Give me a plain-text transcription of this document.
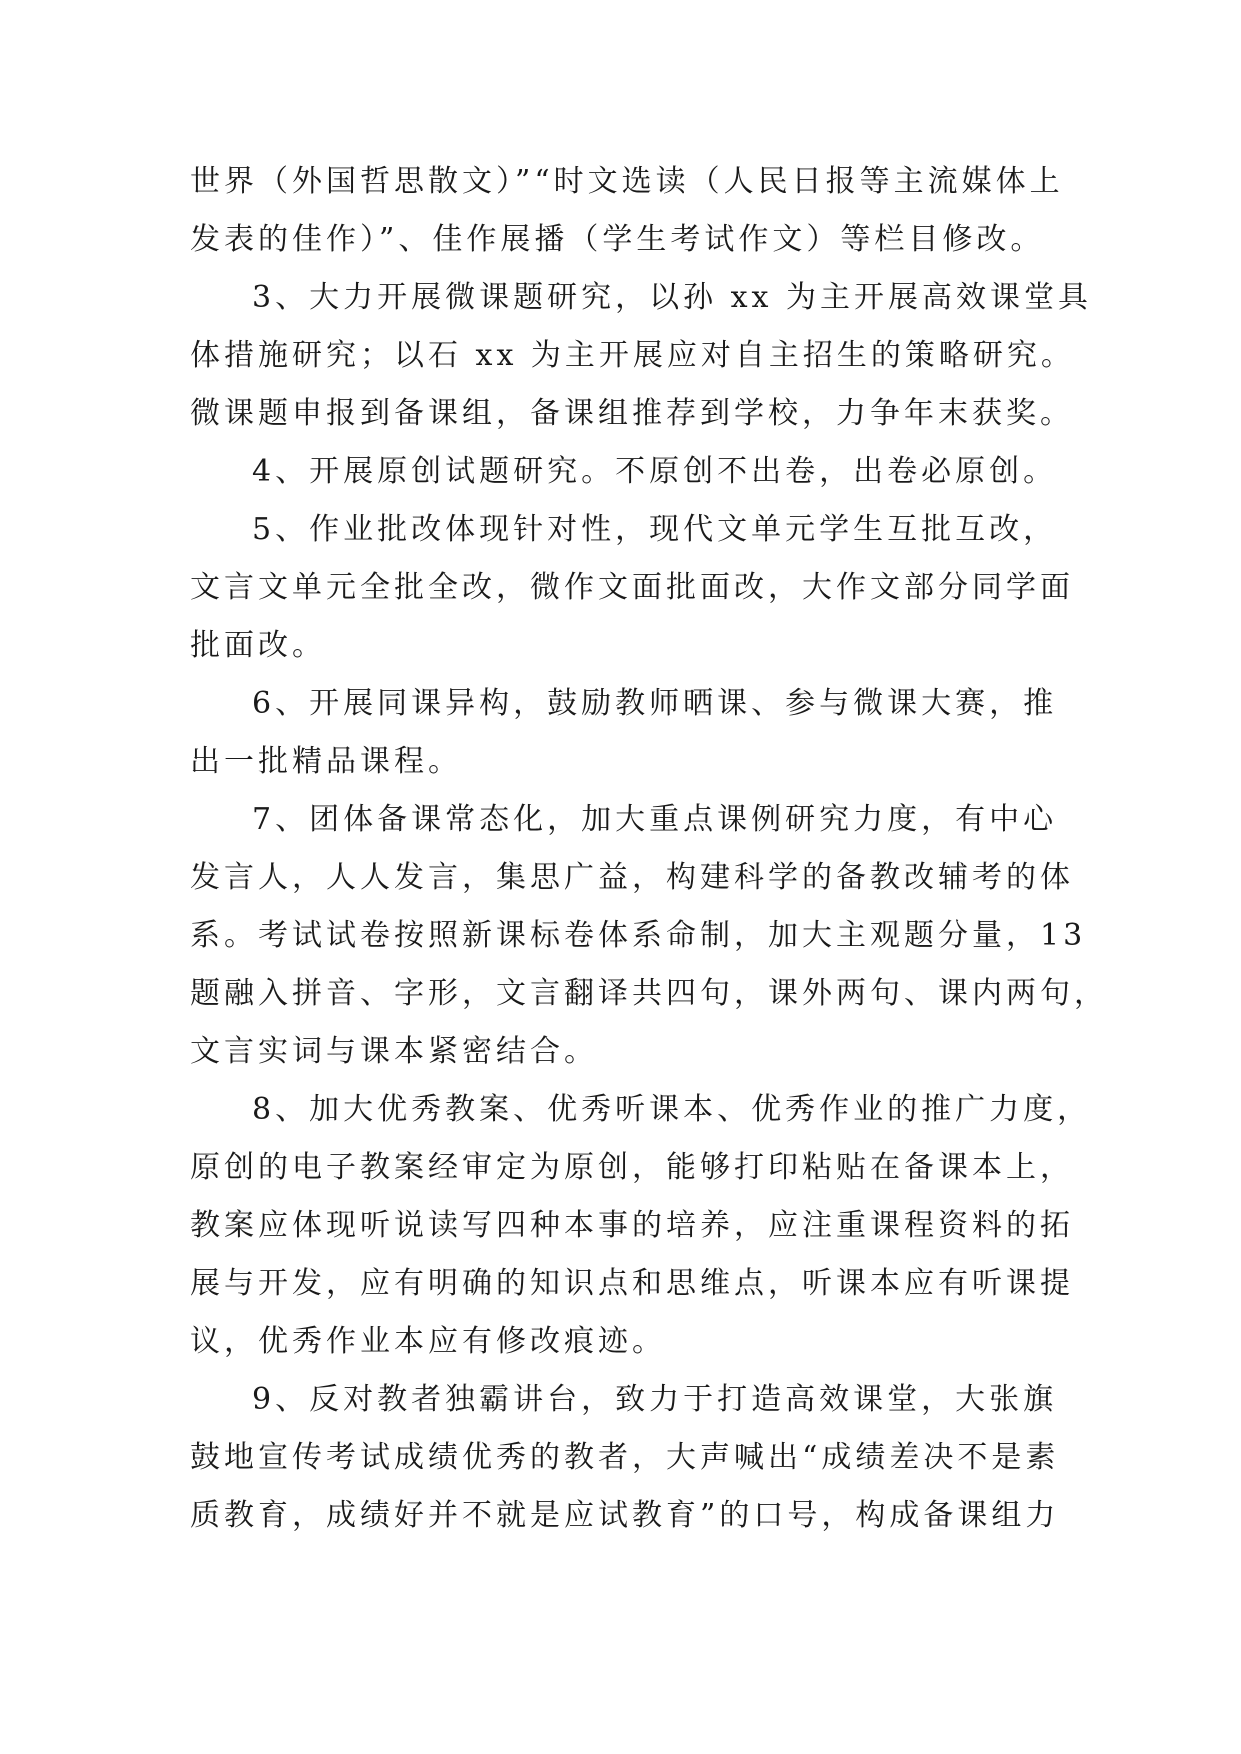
世界（外国哲思散文）”“时文选读（人民日报等主流媒体上
发表的佳作）”、佳作展播（学生考试作文）等栏目修改。
3、大力开展微课题研究，以孙 xx 为主开展高效课堂具
体措施研究；以石 xx 为主开展应对自主招生的策略研究。
微课题申报到备课组，备课组推荐到学校，力争年末获奖。
4、开展原创试题研究。不原创不出卷，出卷必原创。
5、作业批改体现针对性，现代文单元学生互批互改，
文言文单元全批全改，微作文面批面改，大作文部分同学面
批面改。
6、开展同课异构，鼓励教师晒课、参与微课大赛，推
出一批精品课程。
7、团体备课常态化，加大重点课例研究力度，有中心
发言人，人人发言，集思广益，构建科学的备教改辅考的体
系。考试试卷按照新课标卷体系命制，加大主观题分量，13
题融入拼音、字形，文言翻译共四句，课外两句、课内两句，
文言实词与课本紧密结合。
8、加大优秀教案、优秀听课本、优秀作业的推广力度，
原创的电子教案经审定为原创，能够打印粘贴在备课本上，
教案应体现听说读写四种本事的培养，应注重课程资料的拓
展与开发，应有明确的知识点和思维点，听课本应有听课提
议，优秀作业本应有修改痕迹。
9、反对教者独霸讲台，致力于打造高效课堂，大张旗
鼓地宣传考试成绩优秀的教者，大声喊出“成绩差决不是素
质教育，成绩好并不就是应试教育”的口号，构成备课组力
